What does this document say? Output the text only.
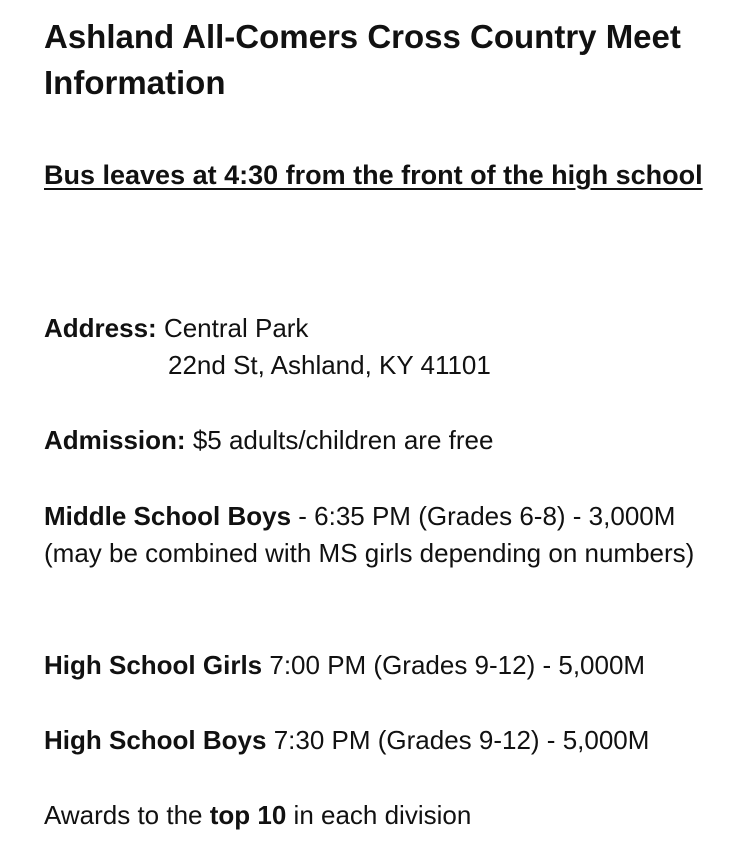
Ashland All-Comers Cross Country Meet Information

Bus leaves at 4:30 from the front of the high school

Address: Central Park

22nd St, Ashland, KY 41101

Admission: $5 adults/children are free

Middle School Boys - 6:35 PM (Grades 6-8) - 3,000M (may be combined with MS girls depending on numbers)

High School Girls 7:00 PM (Grades 9-12) - 5,000M

High School Boys 7:30 PM (Grades 9-12) - 5,000M

Awards to the top 10 in each division
